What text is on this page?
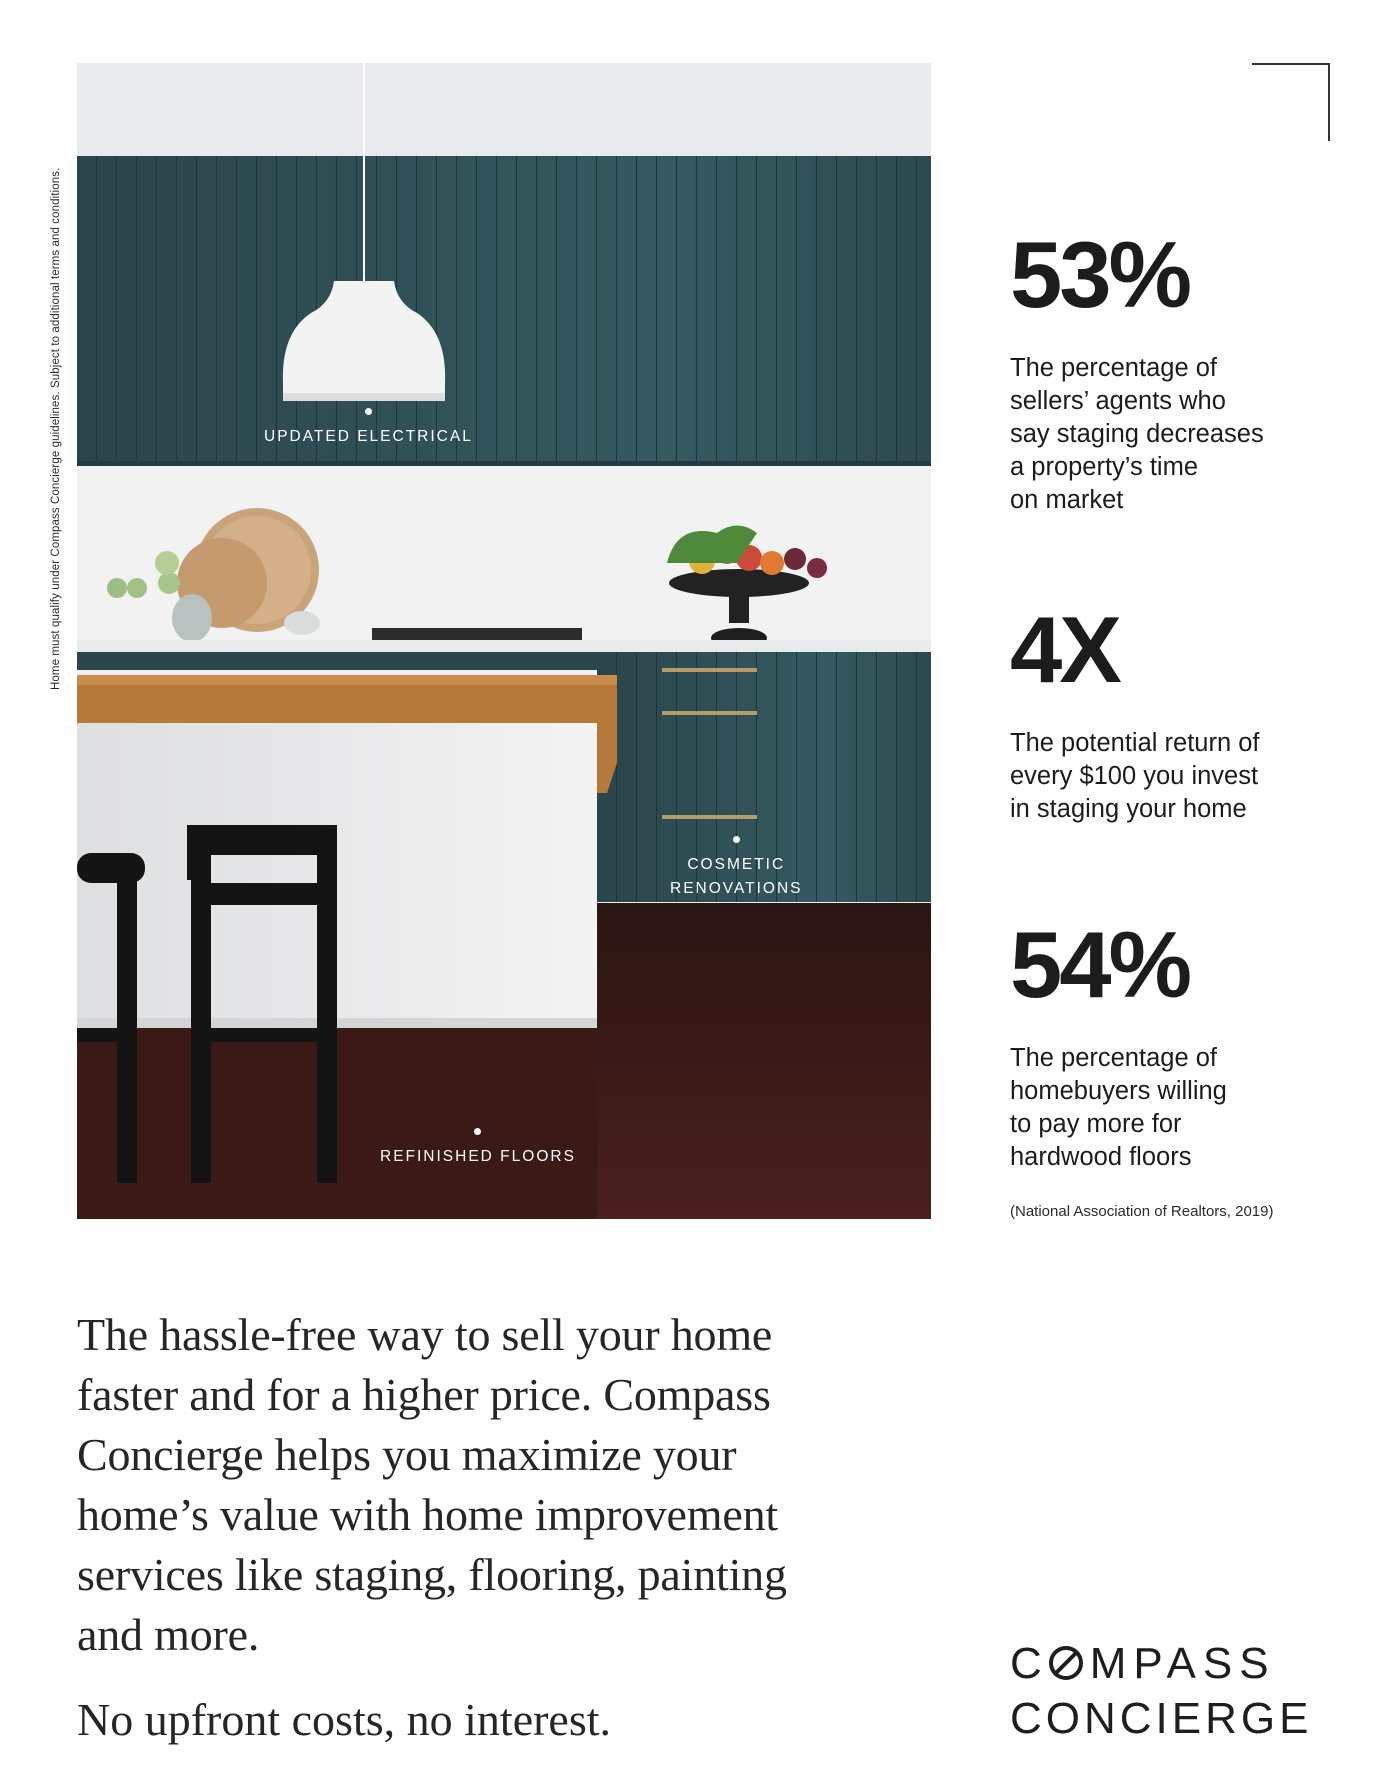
Home must qualify under Compass Concierge guidelines. Subject to additional terms and conditions.	UPDATED ELECTRICAL
COSMETIC
RENOVATIONS
REFINISHED FLOORS
53%
The percentage of
sellers’ agents who
say staging decreases
a property’s time
on market
4X
The potential return of
every $100 you invest
in staging your home
54%
The percentage of
homebuyers willing
to pay more for
hardwood floors
(National Association of Realtors, 2019)
The hassle-free way to sell your home
faster and for a higher price. Compass
Concierge helps you maximize your
home’s value with home improvement
services like staging, flooring, painting
and more.
No upfront costs, no interest.
C MPASS
CONCIERGE
